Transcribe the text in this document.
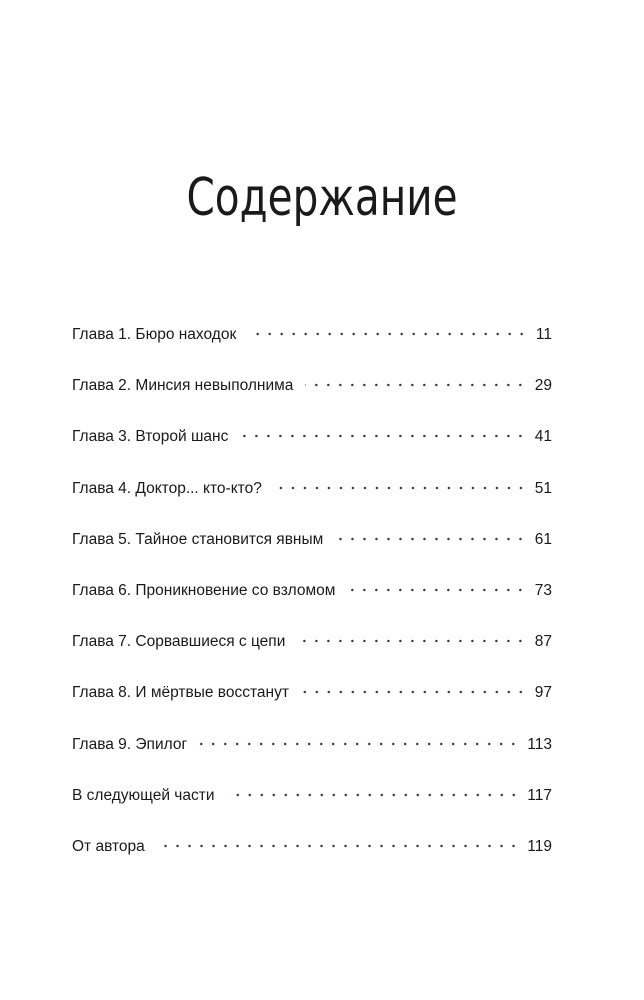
Содержание
Глава 1. Бюро находок	11
Глава 2. Минсия невыполнима	29
Глава 3. Второй шанс	41
Глава 4. Доктор... кто-кто?	51
Глава 5. Тайное становится явным	61
Глава 6. Проникновение со взломом	73
Глава 7. Сорвавшиеся с цепи	87
Глава 8. И мёртвые восстанут	97
Глава 9. Эпилог	113
В следующей части	117
От автора	119
